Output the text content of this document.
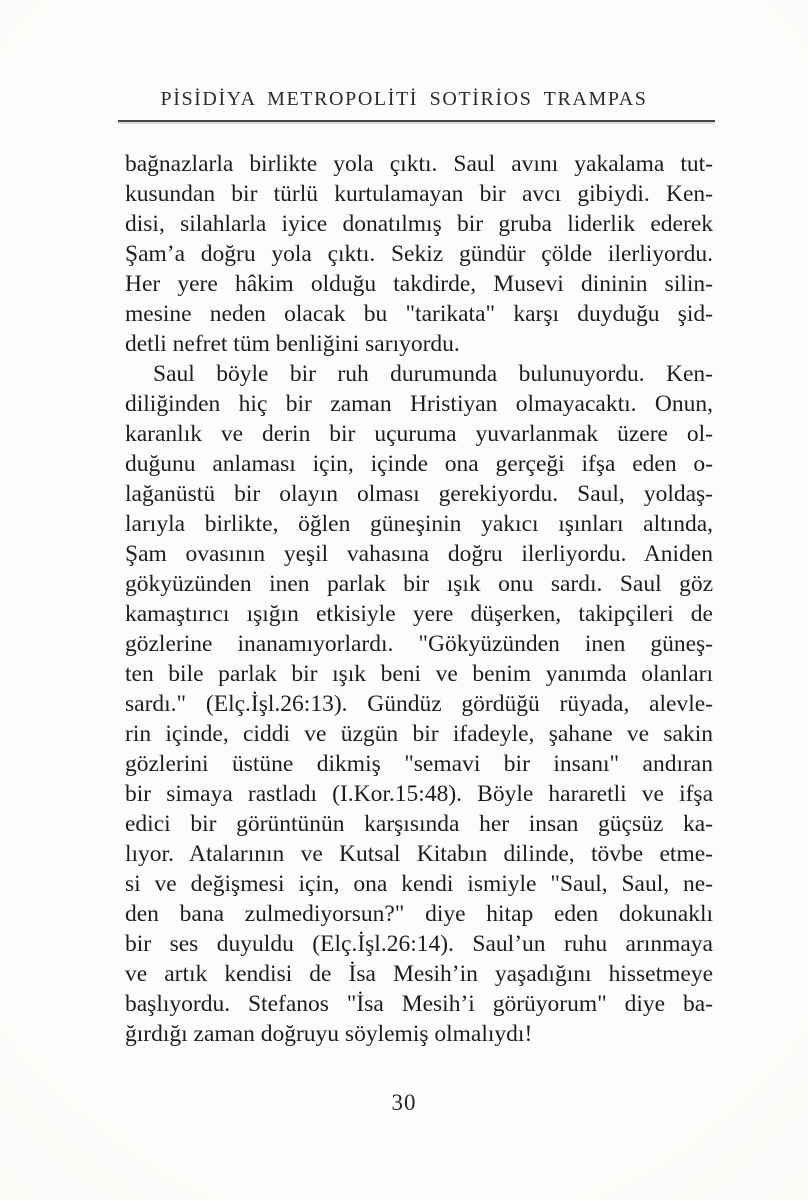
PİSİDİYA METROPOLİTİ SOTİRİOS TRAMPAS
bağnazlarla birlikte yola çıktı. Saul avını yakalama tut-
kusundan bir türlü kurtulamayan bir avcı gibiydi. Ken-
disi, silahlarla iyice donatılmış bir gruba liderlik ederek
Şam’a doğru yola çıktı. Sekiz gündür çölde ilerliyordu.
Her yere hâkim olduğu takdirde, Musevi dininin silin-
mesine neden olacak bu "tarikata" karşı duyduğu şid-
detli nefret tüm benliğini sarıyordu.
Saul böyle bir ruh durumunda bulunuyordu. Ken-
diliğinden hiç bir zaman Hristiyan olmayacaktı. Onun,
karanlık ve derin bir uçuruma yuvarlanmak üzere ol-
duğunu anlaması için, içinde ona gerçeği ifşa eden o-
lağanüstü bir olayın olması gerekiyordu. Saul, yoldaş-
larıyla birlikte, öğlen güneşinin yakıcı ışınları altında,
Şam ovasının yeşil vahasına doğru ilerliyordu. Aniden
gökyüzünden inen parlak bir ışık onu sardı. Saul göz
kamaştırıcı ışığın etkisiyle yere düşerken, takipçileri de
gözlerine inanamıyorlardı. "Gökyüzünden inen güneş-
ten bile parlak bir ışık beni ve benim yanımda olanları
sardı." (Elç.İşl.26:13). Gündüz gördüğü rüyada, alevle-
rin içinde, ciddi ve üzgün bir ifadeyle, şahane ve sakin
gözlerini üstüne dikmiş "semavi bir insanı" andıran
bir simaya rastladı (I.Kor.15:48). Böyle hararetli ve ifşa
edici bir görüntünün karşısında her insan güçsüz ka-
lıyor. Atalarının ve Kutsal Kitabın dilinde, tövbe etme-
si ve değişmesi için, ona kendi ismiyle "Saul, Saul, ne-
den bana zulmediyorsun?" diye hitap eden dokunaklı
bir ses duyuldu (Elç.İşl.26:14). Saul’un ruhu arınmaya
ve artık kendisi de İsa Mesih’in yaşadığını hissetmeye
başlıyordu. Stefanos "İsa Mesih’i görüyorum" diye ba-
ğırdığı zaman doğruyu söylemiş olmalıydı!
30
